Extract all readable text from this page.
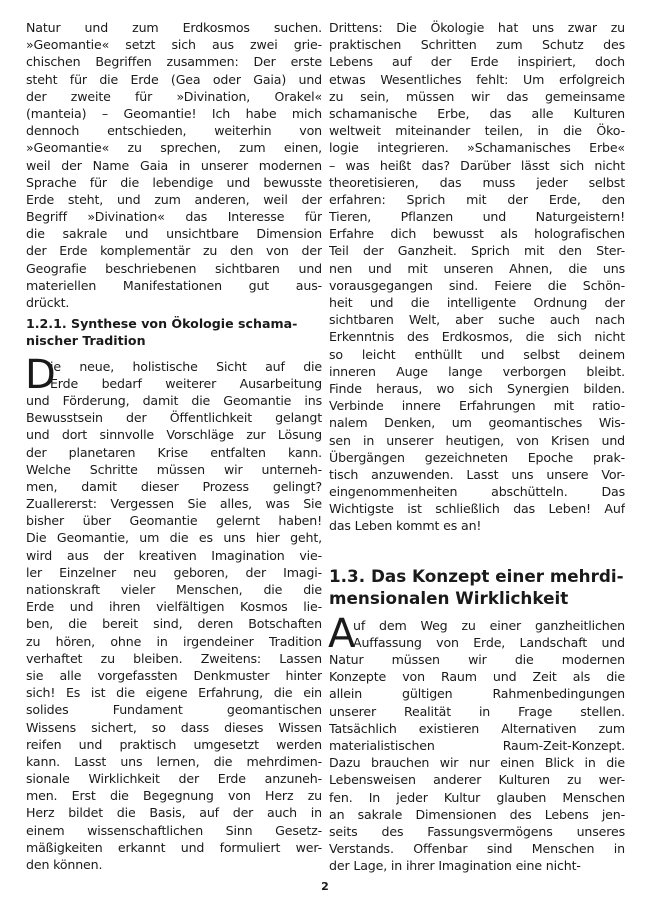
Natur und zum Erdkosmos suchen.
»Geomantie« setzt sich aus zwei grie-
chischen Begriffen zusammen: Der erste
steht für die Erde (Gea oder Gaia) und
der zweite für »Divination, Orakel«
(manteia) – Geomantie! Ich habe mich
dennoch entschieden, weiterhin von
»Geomantie« zu sprechen, zum einen,
weil der Name Gaia in unserer modernen
Sprache für die lebendige und bewusste
Erde steht, und zum anderen, weil der
Begriff »Divination« das Interesse für
die sakrale und unsichtbare Dimension
der Erde komplementär zu den von der
Geografie beschriebenen sichtbaren und
materiellen Manifestationen gut aus-
drückt.
1.2.1. Synthese von Ökologie schama-
nischer Tradition
D
ie neue, holistische Sicht auf die
Erde bedarf weiterer Ausarbeitung
und Förderung, damit die Geomantie ins
Bewusstsein der Öffentlichkeit gelangt
und dort sinnvolle Vorschläge zur Lösung
der planetaren Krise entfalten kann.
Welche Schritte müssen wir unterneh-
men, damit dieser Prozess gelingt?
Zuallererst: Vergessen Sie alles, was Sie
bisher über Geomantie gelernt haben!
Die Geomantie, um die es uns hier geht,
wird aus der kreativen Imagination vie-
ler Einzelner neu geboren, der Imagi-
nationskraft vieler Menschen, die die
Erde und ihren vielfältigen Kosmos lie-
ben, die bereit sind, deren Botschaften
zu hören, ohne in irgendeiner Tradition
verhaftet zu bleiben. Zweitens: Lassen
sie alle vorgefassten Denkmuster hinter
sich! Es ist die eigene Erfahrung, die ein
solides Fundament geomantischen
Wissens sichert, so dass dieses Wissen
reifen und praktisch umgesetzt werden
kann. Lasst uns lernen, die mehrdimen-
sionale Wirklichkeit der Erde anzuneh-
men. Erst die Begegnung von Herz zu
Herz bildet die Basis, auf der auch in
einem wissenschaftlichen Sinn Gesetz-
mäßigkeiten erkannt und formuliert wer-
den können.
Drittens: Die Ökologie hat uns zwar zu
praktischen Schritten zum Schutz des
Lebens auf der Erde inspiriert, doch
etwas Wesentliches fehlt: Um erfolgreich
zu sein, müssen wir das gemeinsame
schamanische Erbe, das alle Kulturen
weltweit miteinander teilen, in die Öko-
logie integrieren. »Schamanisches Erbe«
– was heißt das? Darüber lässt sich nicht
theoretisieren, das muss jeder selbst
erfahren: Sprich mit der Erde, den
Tieren, Pflanzen und Naturgeistern!
Erfahre dich bewusst als holografischen
Teil der Ganzheit. Sprich mit den Ster-
nen und mit unseren Ahnen, die uns
vorausgegangen sind. Feiere die Schön-
heit und die intelligente Ordnung der
sichtbaren Welt, aber suche auch nach
Erkenntnis des Erdkosmos, die sich nicht
so leicht enthüllt und selbst deinem
inneren Auge lange verborgen bleibt.
Finde heraus, wo sich Synergien bilden.
Verbinde innere Erfahrungen mit ratio-
nalem Denken, um geomantisches Wis-
sen in unserer heutigen, von Krisen und
Übergängen gezeichneten Epoche prak-
tisch anzuwenden. Lasst uns unsere Vor-
eingenommenheiten abschütteln. Das
Wichtigste ist schließlich das Leben! Auf
das Leben kommt es an!
1.3. Das Konzept einer mehrdi-
mensionalen Wirklichkeit
A
uf dem Weg zu einer ganzheitlichen
Auffassung von Erde, Landschaft und
Natur müssen wir die modernen
Konzepte von Raum und Zeit als die
allein gültigen Rahmenbedingungen
unserer Realität in Frage stellen.
Tatsächlich existieren Alternativen zum
materialistischen Raum-Zeit-Konzept.
Dazu brauchen wir nur einen Blick in die
Lebensweisen anderer Kulturen zu wer-
fen. In jeder Kultur glauben Menschen
an sakrale Dimensionen des Lebens jen-
seits des Fassungsvermögens unseres
Verstands. Offenbar sind Menschen in
der Lage, in ihrer Imagination eine nicht-
2
